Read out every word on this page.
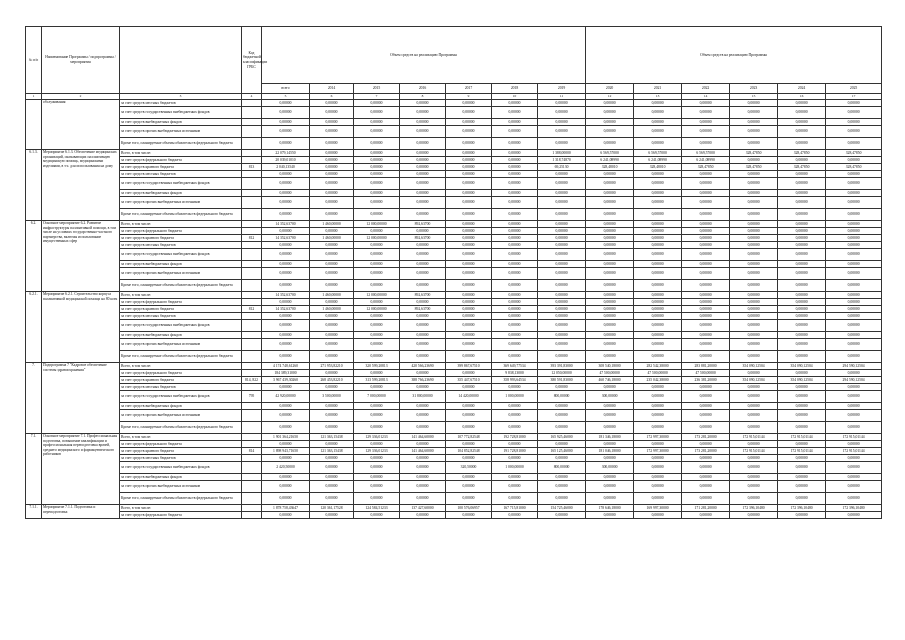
№ п/п	Наименование Программы / подпрограммы / мероприятия		Код бюджетной классификации ГРБС	Объем средств на реализацию Программы							Объем средств на реализацию Программы					
				всего	2014	2015	2016	2017	2018	2019	2020	2021	2022	2023	2024	2025
1	2	3	4	5	6	7	8	9	10	11	12	13	14	15	16	17
	обслуживания	за счет средств местных бюджетов		0,00000	0,00000	0,00000	0,00000	0,00000	0,00000	0,00000	0,00000	0,00000	0,00000	0,00000	0,00000	0,00000
		за счет средств государственных внебюджетных фондов		0,00000	0,00000	0,00000	0,00000	0,00000	0,00000	0,00000	0,00000	0,00000	0,00000	0,00000	0,00000	0,00000
		за счет средств внебюджетных фондов		0,00000	0,00000	0,00000	0,00000	0,00000	0,00000	0,00000	0,00000	0,00000	0,00000	0,00000	0,00000	0,00000
		за счет средств прочих внебюджетных источников		0,00000	0,00000	0,00000	0,00000	0,00000	0,00000	0,00000	0,00000	0,00000	0,00000	0,00000	0,00000	0,00000
		Кроме того, планируемые объемы обязательств федерального бюджета		0,00000	0,00000	0,00000	0,00000	0,00000	0,00000	0,00000	0,00000	0,00000	0,00000	0,00000	0,00000	0,00000
6.1.3.	Мероприятие 6.1.3. Обеспечение медицинских организаций, оказывающих паллиативную медицинскую помощь, медицинскими изделиями, в т.ч. для использования на дому	Всего, в том числе:		22 079,14550	0,00000	0,00000	0,00000	0,00000	0,00000	1 388,00000	6 569,57000	6 569,57000	6 569,57000	328,47850	328,47850	328,47850
		за счет средств федерального бюджета		20 039,01010	0,00000	0,00000	0,00000	0,00000	0,00000	1 318,74870	6 241,08990	6 241,08990	6 241,08990	0,00000	0,00000	0,00000
		за счет средств краевого бюджета	813	2 040,13540	0,00000	0,00000	0,00000	0,00000	0,00000	69,25130	328,48010	328,48010	328,47850	328,47850	328,47850	328,47850
		за счет средств местных бюджетов		0,00000	0,00000	0,00000	0,00000	0,00000	0,00000	0,00000	0,00000	0,00000	0,00000	0,00000	0,00000	0,00000
		за счет средств государственных внебюджетных фондов		0,00000	0,00000	0,00000	0,00000	0,00000	0,00000	0,00000	0,00000	0,00000	0,00000	0,00000	0,00000	0,00000
		за счет средств внебюджетных фондов		0,00000	0,00000	0,00000	0,00000	0,00000	0,00000	0,00000	0,00000	0,00000	0,00000	0,00000	0,00000	0,00000
		за счет средств прочих внебюджетных источников		0,00000	0,00000	0,00000	0,00000	0,00000	0,00000	0,00000	0,00000	0,00000	0,00000	0,00000	0,00000	0,00000
		Кроме того, планируемые объемы обязательств федерального бюджета		0,00000	0,00000	0,00000	0,00000	0,00000	0,00000	0,00000	0,00000	0,00000	0,00000	0,00000	0,00000	0,00000
6.2.	Основное мероприятие 6.2. Развитие инфраструктуры паллиативной помощи, в том числе на условиях государственно-частного партнерства, включая использование имущественных сфер	Всего, в том числе:		14 352,63700	1 460,00000	12 000,00000	892,63700	0,00000	0,00000	0,00000	0,00000	0,00000	0,00000	0,00000	0,00000	0,00000
		за счет средств федерального бюджета		0,00000	0,00000	0,00000	0,00000	0,00000	0,00000	0,00000	0,00000	0,00000	0,00000	0,00000	0,00000	0,00000
		за счет средств краевого бюджета	812	14 352,63700	1 460,00000	12 000,00000	892,63700	0,00000	0,00000	0,00000	0,00000	0,00000	0,00000	0,00000	0,00000	0,00000
		за счет средств местных бюджетов		0,00000	0,00000	0,00000	0,00000	0,00000	0,00000	0,00000	0,00000	0,00000	0,00000	0,00000	0,00000	0,00000
		за счет средств государственных внебюджетных фондов		0,00000	0,00000	0,00000	0,00000	0,00000	0,00000	0,00000	0,00000	0,00000	0,00000	0,00000	0,00000	0,00000
		за счет средств внебюджетных фондов		0,00000	0,00000	0,00000	0,00000	0,00000	0,00000	0,00000	0,00000	0,00000	0,00000	0,00000	0,00000	0,00000
		за счет средств прочих внебюджетных источников		0,00000	0,00000	0,00000	0,00000	0,00000	0,00000	0,00000	0,00000	0,00000	0,00000	0,00000	0,00000	0,00000
		Кроме того, планируемые объемы обязательств федерального бюджета		0,00000	0,00000	0,00000	0,00000	0,00000	0,00000	0,00000	0,00000	0,00000	0,00000	0,00000	0,00000	0,00000
6.2.1.	Мероприятие 6.2.1. Строительство корпуса паллиативной медицинской помощи на 80 коек	Всего, в том числе:		14 352,63700	1 460,00000	12 000,00000	892,63700	0,00000	0,00000	0,00000	0,00000	0,00000	0,00000	0,00000	0,00000	0,00000
		за счет средств федерального бюджета		0,00000	0,00000	0,00000	0,00000	0,00000	0,00000	0,00000	0,00000	0,00000	0,00000	0,00000	0,00000	0,00000
		за счет средств краевого бюджета	812	14 352,63700	1 460,00000	12 000,00000	892,63700	0,00000	0,00000	0,00000	0,00000	0,00000	0,00000	0,00000	0,00000	0,00000
		за счет средств местных бюджетов		0,00000	0,00000	0,00000	0,00000	0,00000	0,00000	0,00000	0,00000	0,00000	0,00000	0,00000	0,00000	0,00000
		за счет средств государственных внебюджетных фондов		0,00000	0,00000	0,00000	0,00000	0,00000	0,00000	0,00000	0,00000	0,00000	0,00000	0,00000	0,00000	0,00000
		за счет средств внебюджетных фондов		0,00000	0,00000	0,00000	0,00000	0,00000	0,00000	0,00000	0,00000	0,00000	0,00000	0,00000	0,00000	0,00000
		за счет средств прочих внебюджетных источников		0,00000	0,00000	0,00000	0,00000	0,00000	0,00000	0,00000	0,00000	0,00000	0,00000	0,00000	0,00000	0,00000
		Кроме того, планируемые объемы обязательств федерального бюджета		0,00000	0,00000	0,00000	0,00000	0,00000	0,00000	0,00000	0,00000	0,00000	0,00000	0,00000	0,00000	0,00000
7.	Подпрограмма 7 "Кадровое обеспечение системы здравоохранения"	Всего, в том числе:		4 174 748,61260	271 953,82210	320 599,20813	420 566,23690	399 867,67510	369 649,77534	393 391,83000	308 540,18000	282 542,38000	283 881,20000	354 090,12504	354 090,12504	294 590,12504
		за счет средств федерального бюджета		184 389,31000	0,00000	0,00000	0,00000	0,00000	9 838,13000	12 050,00000	47 500,00000	47 500,00000	47 500,00000	0,00000	0,00000	0,00000
		за счет средств краевого бюджета	814, 822	3 967 439,30260	268 453,82210	313 599,20813	388 766,23690	355 447,67510	358 993,64534	380 591,83000	460 746,18000	235 042,38000	236 381,20000	354 090,12504	354 090,12504	294 590,12504
		за счет средств местных бюджетов		0,00000	0,00000	0,00000	0,00000	0,00000	0,00000	0,00000	0,00000	0,00000	0,00000	0,00000	0,00000	0,00000
		за счет средств государственных внебюджетных фондов	795	42 920,00000	3 500,00000	7 000,00000	31 800,00000	14 420,00000	1 000,00000	800,00000	300,00000	0,00000	0,00000	0,00000	0,00000	0,00000
		за счет средств внебюджетных фондов		0,00000	0,00000	0,00000	0,00000	0,00000	0,00000	0,00000	0,00000	0,00000	0,00000	0,00000	0,00000	0,00000
		за счет средств прочих внебюджетных источников		0,00000	0,00000	0,00000	0,00000	0,00000	0,00000	0,00000	0,00000	0,00000	0,00000	0,00000	0,00000	0,00000
		Кроме того, планируемые объемы обязательств федерального бюджета		0,00000	0,00000	0,00000	0,00000	0,00000	0,00000	0,00000	0,00000	0,00000	0,00000	0,00000	0,00000	0,00000
7.1.	Основное мероприятие 7.1. Профессиональная подготовка, повышение квалификации и профессиональная переподготовка врачей, среднего медицинского и фармацевтического работников	Всего, в том числе:		1 901 364,21650	121 363,15438	129 336,01233	141 464,60000	107 772,82548	192 728,81000	165 925,46000	181 346,18000	172 997,30000	173 281,20000	172 915,01144	172 915,01144	172 915,01144
		за счет средств федерального бюджета		0,00000	0,00000	0,00000	0,00000	0,00000	0,00000	0,00000	0,00000	0,00000	0,00000	0,00000	0,00000	0,00000
		за счет средств краевого бюджета	814	1 898 943,71650	121 363,15438	129 336,01233	141 464,60000	104 852,82548	191 728,81000	165 125,46000	181 046,18000	172 997,30000	173 281,20000	172 915,01144	172 915,01144	172 915,01144
		за счет средств местных бюджетов		0,00000	0,00000	0,00000	0,00000	0,00000	0,00000	0,00000	0,00000	0,00000	0,00000	0,00000	0,00000	0,00000
		за счет средств государственных внебюджетных фондов		2 420,50000	0,00000	0,00000	0,00000	320,50000	1 000,00000	800,00000	300,00000	0,00000	0,00000	0,00000	0,00000	0,00000
		за счет средств внебюджетных фондов		0,00000	0,00000	0,00000	0,00000	0,00000	0,00000	0,00000	0,00000	0,00000	0,00000	0,00000	0,00000	0,00000
		за счет средств прочих внебюджетных источников		0,00000	0,00000	0,00000	0,00000	0,00000	0,00000	0,00000	0,00000	0,00000	0,00000	0,00000	0,00000	0,00000
		Кроме того, планируемые объемы обязательств федерального бюджета		0,00000	0,00000	0,00000	0,00000	0,00000	0,00000	0,00000	0,00000	0,00000	0,00000	0,00000	0,00000	0,00000
7.1.1.	Мероприятие 7.1.1. Подготовка и переподготовка	Всего, в том числе:		1 878 758,43647	120 361,17528	124 584,51233	137 427,60000	100 576,06957	167 715,81000	154 725,46000	178 646,18000	169 997,30000	171 281,20000	172 396,10480	172 396,10480	172 396,10480
		за счет средств федерального бюджета		0,00000	0,00000	0,00000	0,00000	0,00000	0,00000	0,00000	0,00000	0,00000	0,00000	0,00000	0,00000	0,00000
